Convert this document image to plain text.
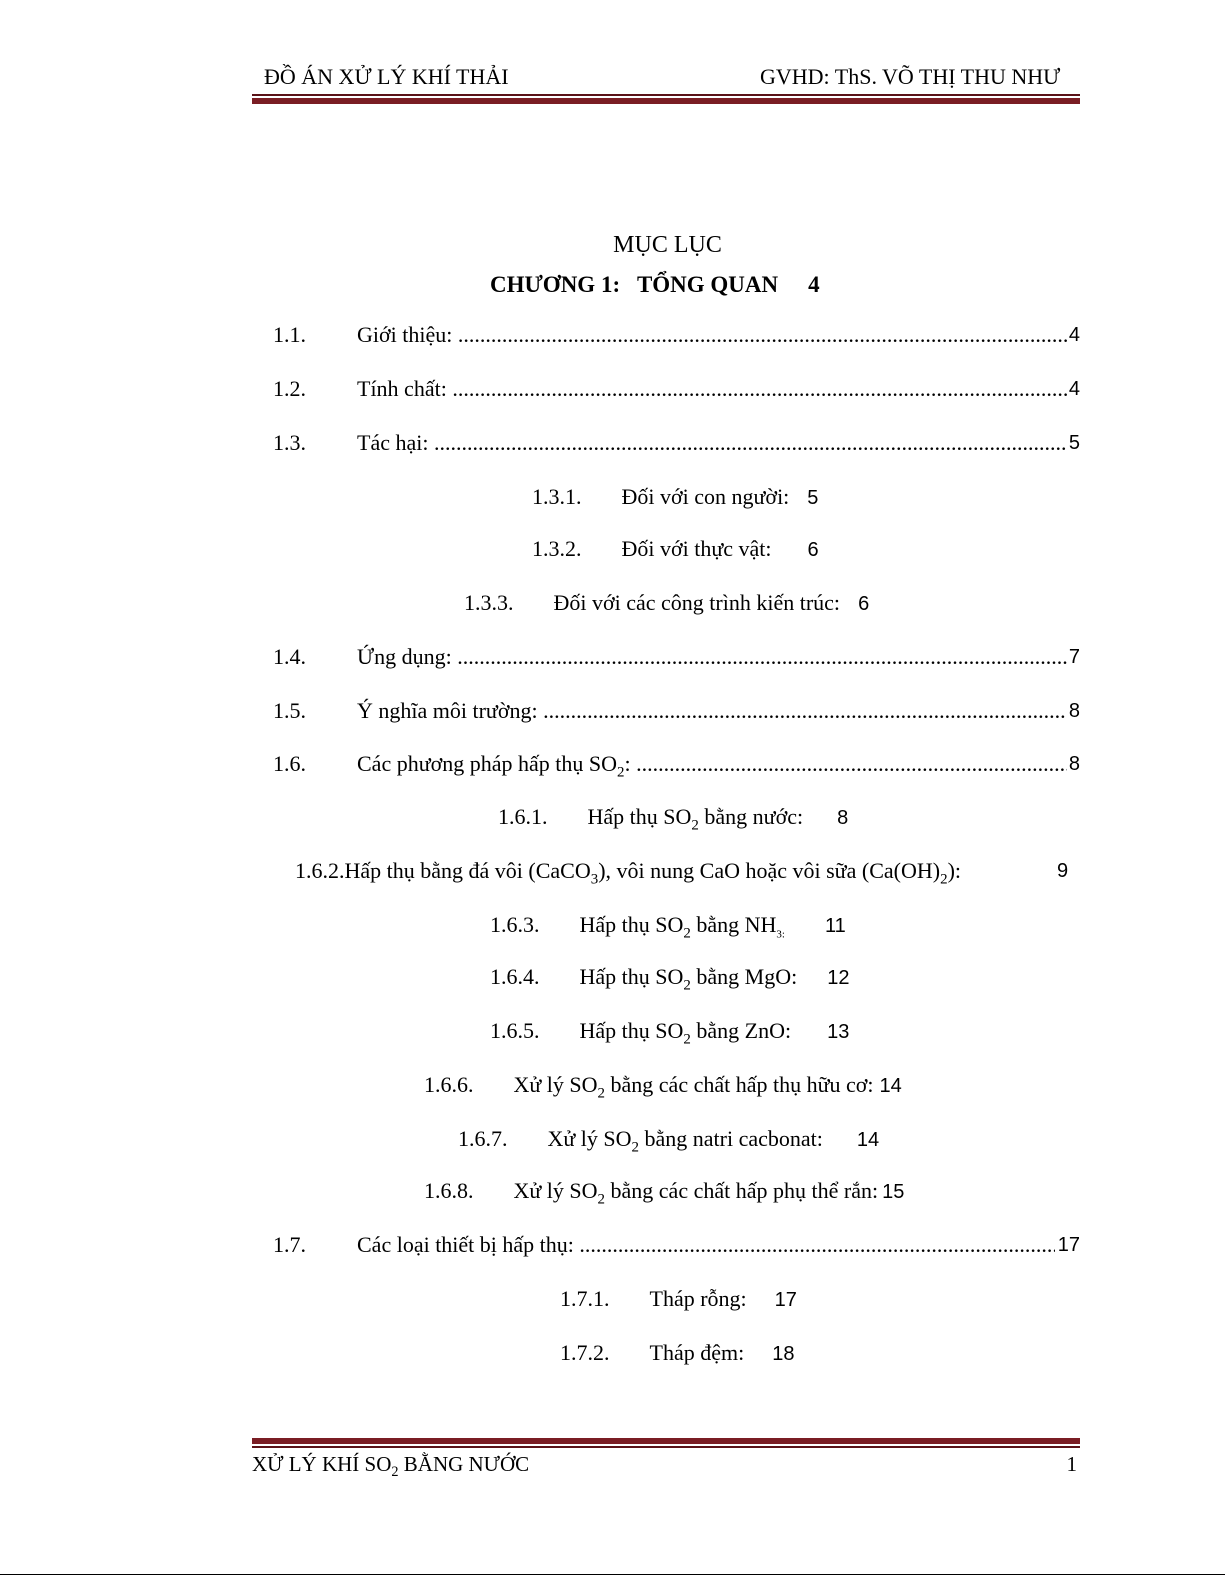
ĐỒ ÁN XỬ LÝ KHÍ THẢI	GVHD: ThS. VÕ THỊ THU NHƯ
MỤC LỤC
CHƯƠNG 1:   TỔNG QUAN 4
1.1. Giới thiệu: .....	4
1.2. Tính chất: .....	4
1.3. Tác hại: .....	5
1.3.1. Đối với con người: 5
1.3.2. Đối với thực vật: 6
1.3.3. Đối với các công trình kiến trúc: 6
1.4. Ứng dụng: .....	7
1.5. Ý nghĩa môi trường: .....	8
1.6. Các phương pháp hấp thụ $SO_2$: .....	8
1.6.1. Hấp thụ $SO_2$ bằng nước: 8
1.6.2.Hấp thụ bằng đá vôi (CaCO$_3$), vôi nung CaO hoặc vôi sữa $(Ca(OH)_2)$:	9
1.6.3. Hấp thụ $SO_2$ bằng $NH_{3:}$ 11
1.6.4. Hấp thụ $SO_2$ bằng MgO: 12
1.6.5. Hấp thụ $SO_2$ bằng ZnO: 13
1.6.6. Xử lý $SO_2$ bằng các chất hấp thụ hữu cơ: 14
1.6.7. Xử lý $SO_2$ bằng natri cacbonat: 14
1.6.8. Xử lý $SO_2$ bằng các chất hấp phụ thể rắn: 15
1.7. Các loại thiết bị hấp thụ: .....	17
1.7.1. Tháp rỗng: 17
1.7.2. Tháp đệm: 18
XỬ LÝ KHÍ $SO_2$ BẰNG NƯỚC	1
